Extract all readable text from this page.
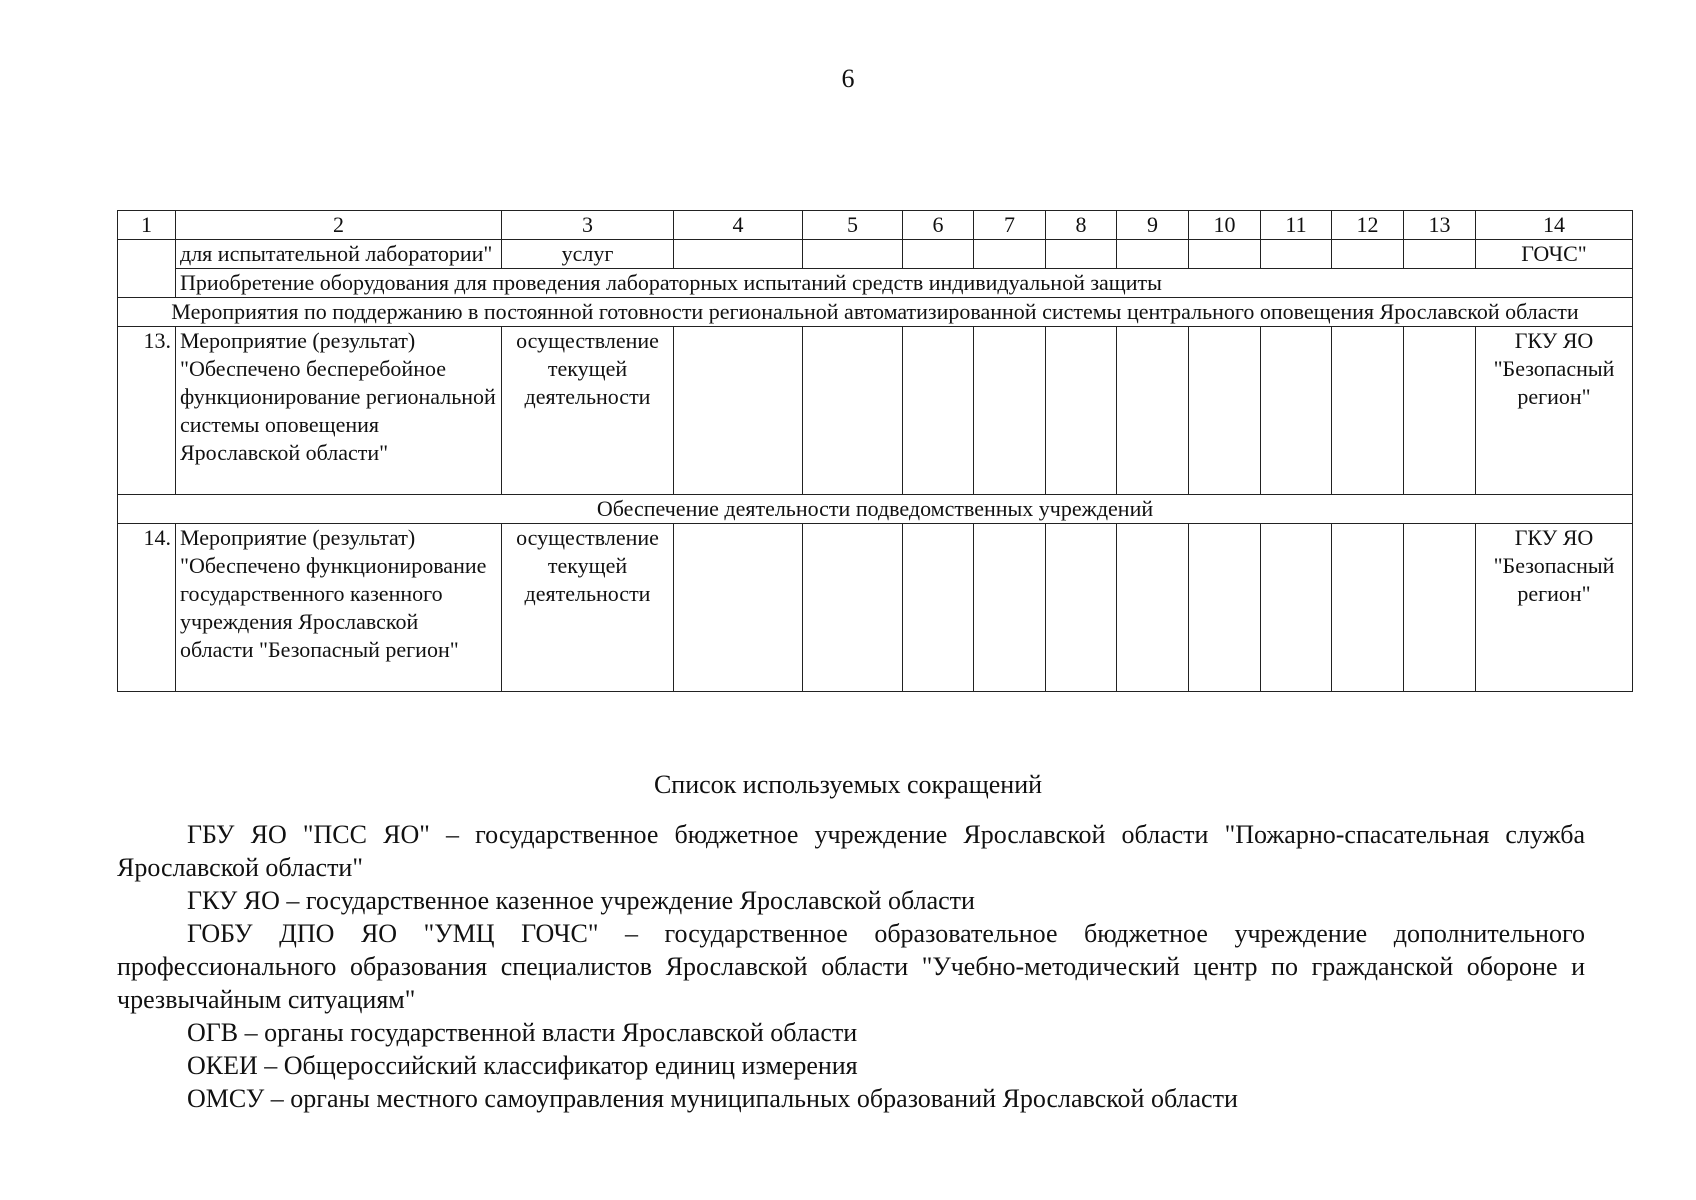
6
1	2	3	4	5	6	7	8	9	10	11	12	13	14
	для испытательной лаборатории"	услуг											ГОЧС"
	Приобретение оборудования для проведения лабораторных испытаний средств индивидуальной защиты												
Мероприятия по поддержанию в постоянной готовности региональной автоматизированной системы центрального оповещения Ярославской области													
13.	Мероприятие (результат) "Обеспечено бесперебойное функционирование региональной системы оповещения Ярославской области"	осуществление текущей деятельности											ГКУ ЯО "Безопасный регион"
Обеспечение деятельности подведомственных учреждений													
14.	Мероприятие (результат) "Обеспечено функционирование государственного казенного учреждения Ярославской области "Безопасный регион"	осуществление текущей деятельности											ГКУ ЯО "Безопасный регион"
Список используемых сокращений

ГБУ ЯО "ПСС ЯО" – государственное бюджетное учреждение Ярославской области "Пожарно-спасательная служба Ярославской области"

ГКУ ЯО – государственное казенное учреждение Ярославской области

ГОБУ ДПО ЯО "УМЦ ГОЧС" – государственное образовательное бюджетное учреждение дополнительного профессионального образования специалистов Ярославской области "Учебно-методический центр по гражданской обороне и чрезвычайным ситуациям"

ОГВ – органы государственной власти Ярославской области

ОКЕИ – Общероссийский классификатор единиц измерения

ОМСУ – органы местного самоуправления муниципальных образований Ярославской области
